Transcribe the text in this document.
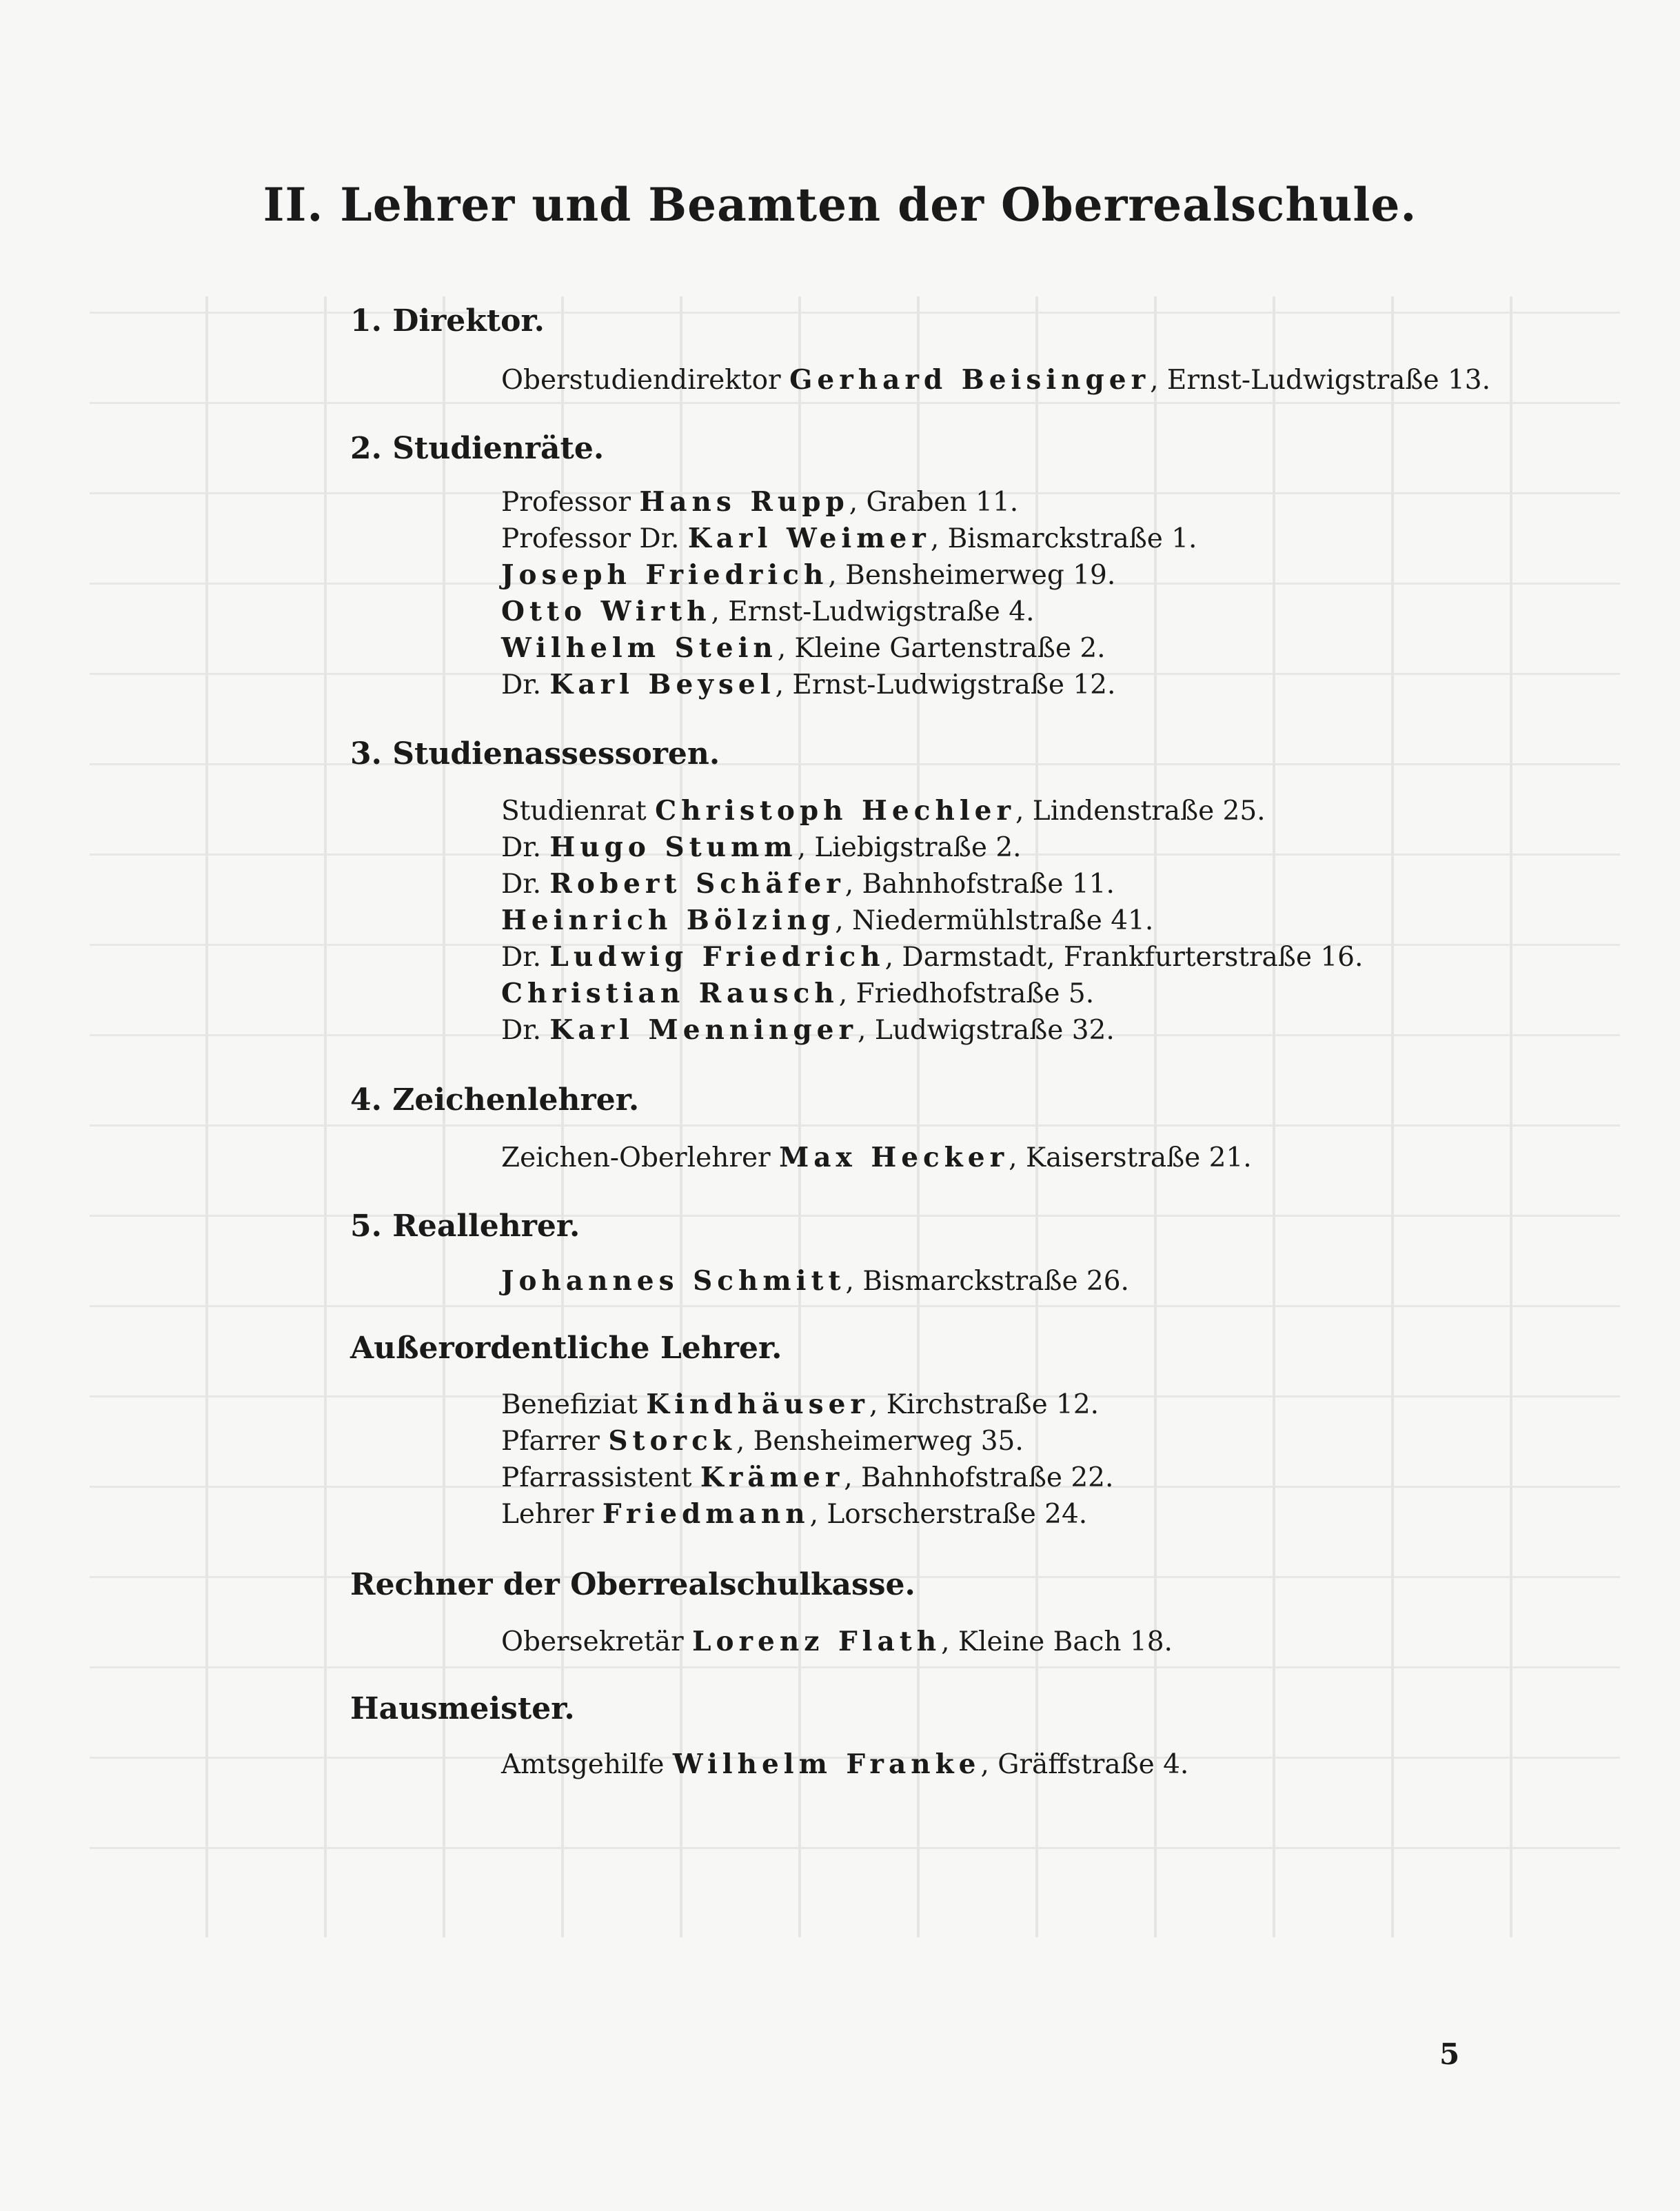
II. Lehrer und Beamten der Oberrealschule.
1. Direktor.
Oberstudiendirektor Gerhard Beisinger, Ernst-Ludwigstraße 13.
2. Studienräte.
Professor Hans Rupp, Graben 11.
Professor Dr. Karl Weimer, Bismarckstraße 1.
Joseph Friedrich, Bensheimerweg 19.
Otto Wirth, Ernst-Ludwigstraße 4.
Wilhelm Stein, Kleine Gartenstraße 2.
Dr. Karl Beysel, Ernst-Ludwigstraße 12.
3. Studienassessoren.
Studienrat Christoph Hechler, Lindenstraße 25.
Dr. Hugo Stumm, Liebigstraße 2.
Dr. Robert Schäfer, Bahnhofstraße 11.
Heinrich Bölzing, Niedermühlstraße 41.
Dr. Ludwig Friedrich, Darmstadt, Frankfurterstraße 16.
Christian Rausch, Friedhofstraße 5.
Dr. Karl Menninger, Ludwigstraße 32.
4. Zeichenlehrer.
Zeichen-Oberlehrer Max Hecker, Kaiserstraße 21.
5. Reallehrer.
Johannes Schmitt, Bismarckstraße 26.
Außerordentliche Lehrer.
Benefiziat Kindhäuser, Kirchstraße 12.
Pfarrer Storck, Bensheimerweg 35.
Pfarrassistent Krämer, Bahnhofstraße 22.
Lehrer Friedmann, Lorscherstraße 24.
Rechner der Oberrealschulkasse.
Obersekretär Lorenz Flath, Kleine Bach 18.
Hausmeister.
Amtsgehilfe Wilhelm Franke, Gräffstraße 4.
5
